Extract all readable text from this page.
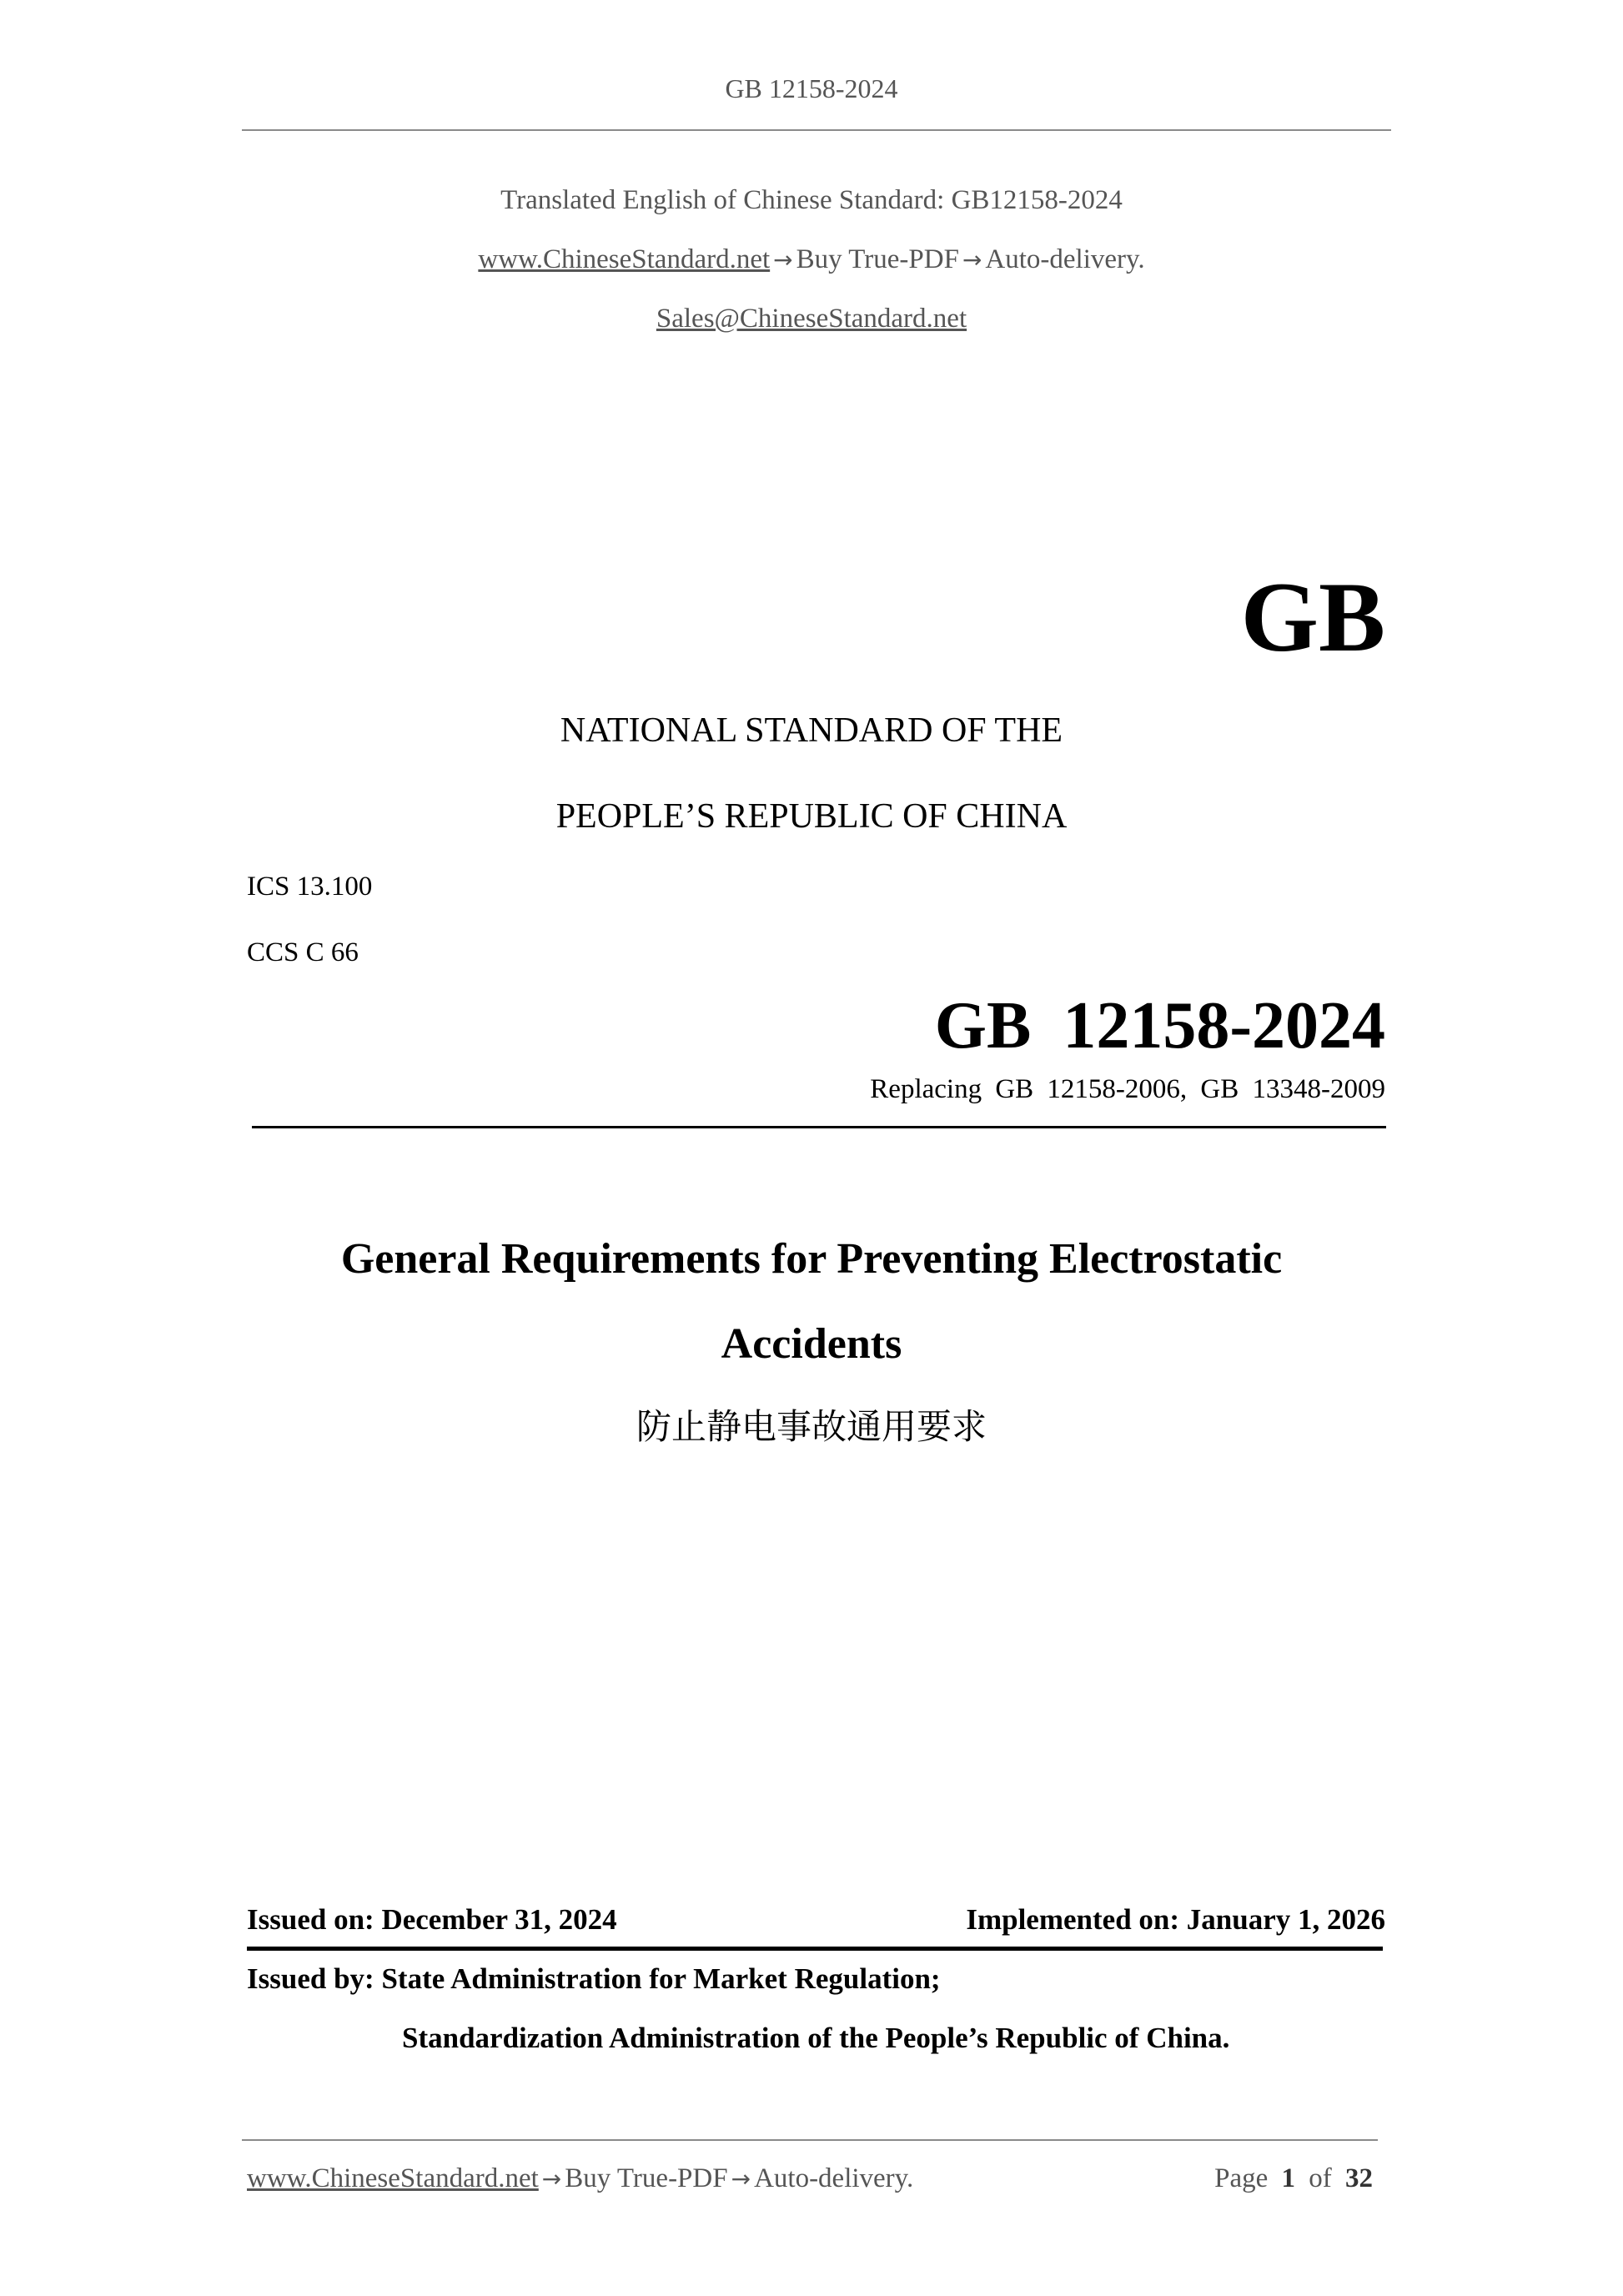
GB 12158-2024
Translated English of Chinese Standard: GB12158-2024
www.ChineseStandard.net → Buy True-PDF → Auto-delivery.
Sales@ChineseStandard.net
GB
NATIONAL STANDARD OF THE
PEOPLE’S REPUBLIC OF CHINA
ICS 13.100
CCS C 66
GB 12158-2024
Replacing GB 12158-2006, GB 13348-2009
General Requirements for Preventing Electrostatic
Accidents
防止静电事故通用要求
Issued on: December 31, 2024	Implemented on: January 1, 2026
Issued by: State Administration for Market Regulation;
Standardization Administration of the People’s Republic of China.
www.ChineseStandard.net → Buy True-PDF → Auto-delivery.	Page 1 of 32
